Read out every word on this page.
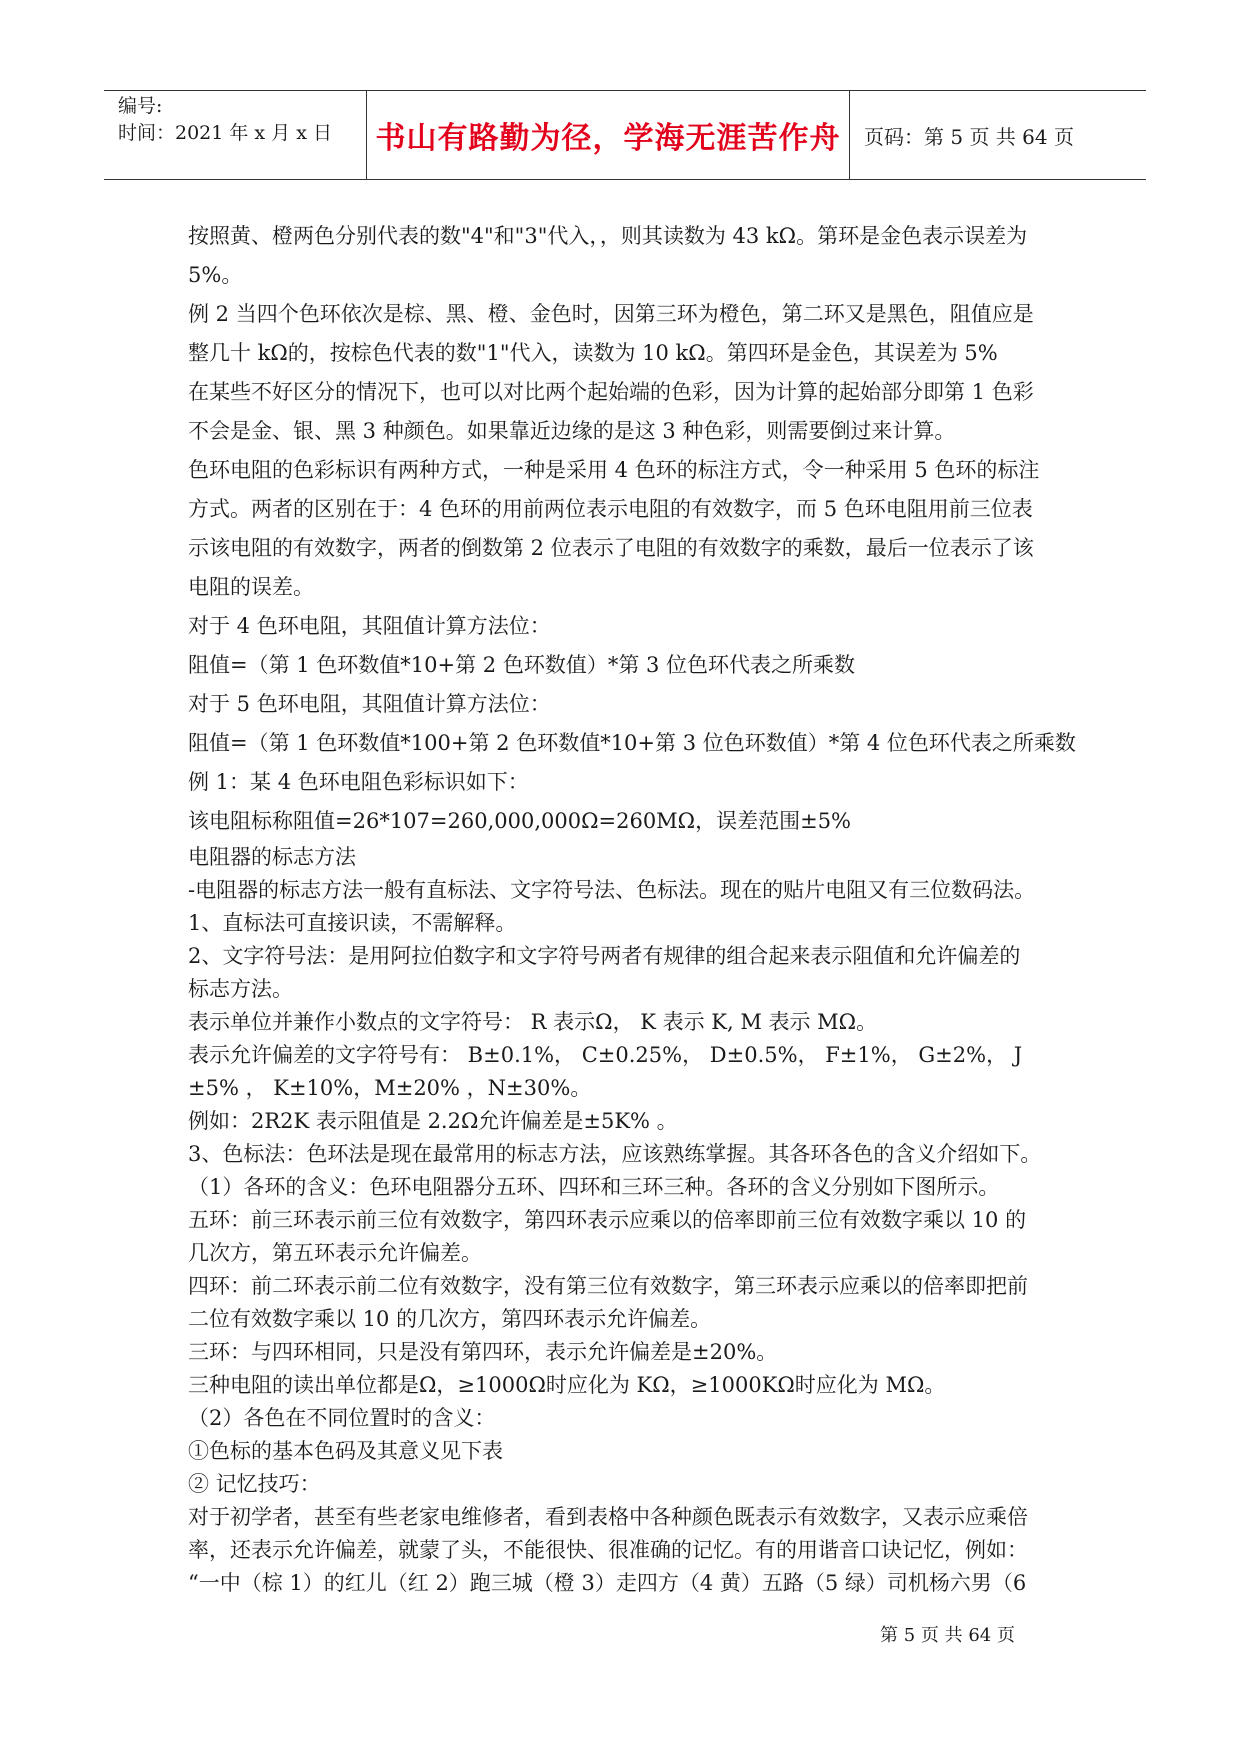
编号:
时间：2021 年 x 月 x 日	书山有路勤为径，学海无涯苦作舟 页码：第 5 页 共 64 页

按照黄、橙两色分别代表的数"4"和"3"代入，，则其读数为 43 kΩ。第环是金色表示误差为

5%。

例 2 当四个色环依次是棕、黑、橙、金色时，因第三环为橙色，第二环又是黑色，阻值应是

整几十 kΩ的，按棕色代表的数"1"代入，读数为 10 kΩ。第四环是金色，其误差为 5%

在某些不好区分的情况下，也可以对比两个起始端的色彩，因为计算的起始部分即第 1 色彩

不会是金、银、黑 3 种颜色。如果靠近边缘的是这 3 种色彩，则需要倒过来计算。

色环电阻的色彩标识有两种方式，一种是采用 4 色环的标注方式，令一种采用 5 色环的标注

方式。两者的区别在于：4 色环的用前两位表示电阻的有效数字，而 5 色环电阻用前三位表

示该电阻的有效数字，两者的倒数第 2 位表示了电阻的有效数字的乘数，最后一位表示了该

电阻的误差。

对于 4 色环电阻，其阻值计算方法位：

阻值=（第 1 色环数值*10+第 2 色环数值）*第 3 位色环代表之所乘数

对于 5 色环电阻，其阻值计算方法位：

阻值=（第 1 色环数值*100+第 2 色环数值*10+第 3 位色环数值）*第 4 位色环代表之所乘数

例 1：某 4 色环电阻色彩标识如下：

该电阻标称阻值=26*107=260,000,000Ω=260MΩ，误差范围±5%

电阻器的标志方法

-电阻器的标志方法一般有直标法、文字符号法、色标法。现在的贴片电阻又有三位数码法。

1、直标法可直接识读，不需解释。

2、文字符号法：是用阿拉伯数字和文字符号两者有规律的组合起来表示阻值和允许偏差的

标志方法。

表示单位并兼作小数点的文字符号： R 表示Ω， K 表示 K, M 表示 MΩ。

表示允许偏差的文字符号有： B±0.1%， C±0.25%， D±0.5%， F±1%， G±2%， J

±5% ， K±10%，M±20% ，N±30%。

例如：2R2K 表示阻值是 2.2Ω允许偏差是±5K% 。

3、色标法：色环法是现在最常用的标志方法，应该熟练掌握。其各环各色的含义介绍如下。

（1）各环的含义：色环电阻器分五环、四环和三环三种。各环的含义分别如下图所示。

五环：前三环表示前三位有效数字，第四环表示应乘以的倍率即前三位有效数字乘以 10 的

几次方，第五环表示允许偏差。

四环：前二环表示前二位有效数字，没有第三位有效数字，第三环表示应乘以的倍率即把前

二位有效数字乘以 10 的几次方，第四环表示允许偏差。

三环：与四环相同，只是没有第四环，表示允许偏差是±20%。

三种电阻的读出单位都是Ω，≥1000Ω时应化为 KΩ，≥1000KΩ时应化为 MΩ。

（2）各色在不同位置时的含义：

①色标的基本色码及其意义见下表

② 记忆技巧：

对于初学者，甚至有些老家电维修者，看到表格中各种颜色既表示有效数字，又表示应乘倍

率，还表示允许偏差，就蒙了头，不能很快、很准确的记忆。有的用谐音口诀记忆，例如：

“一中（棕 1）的红儿（红 2）跑三城（橙 3）走四方（4 黄）五路（5 绿）司机杨六男（6

第 5 页 共 64 页
